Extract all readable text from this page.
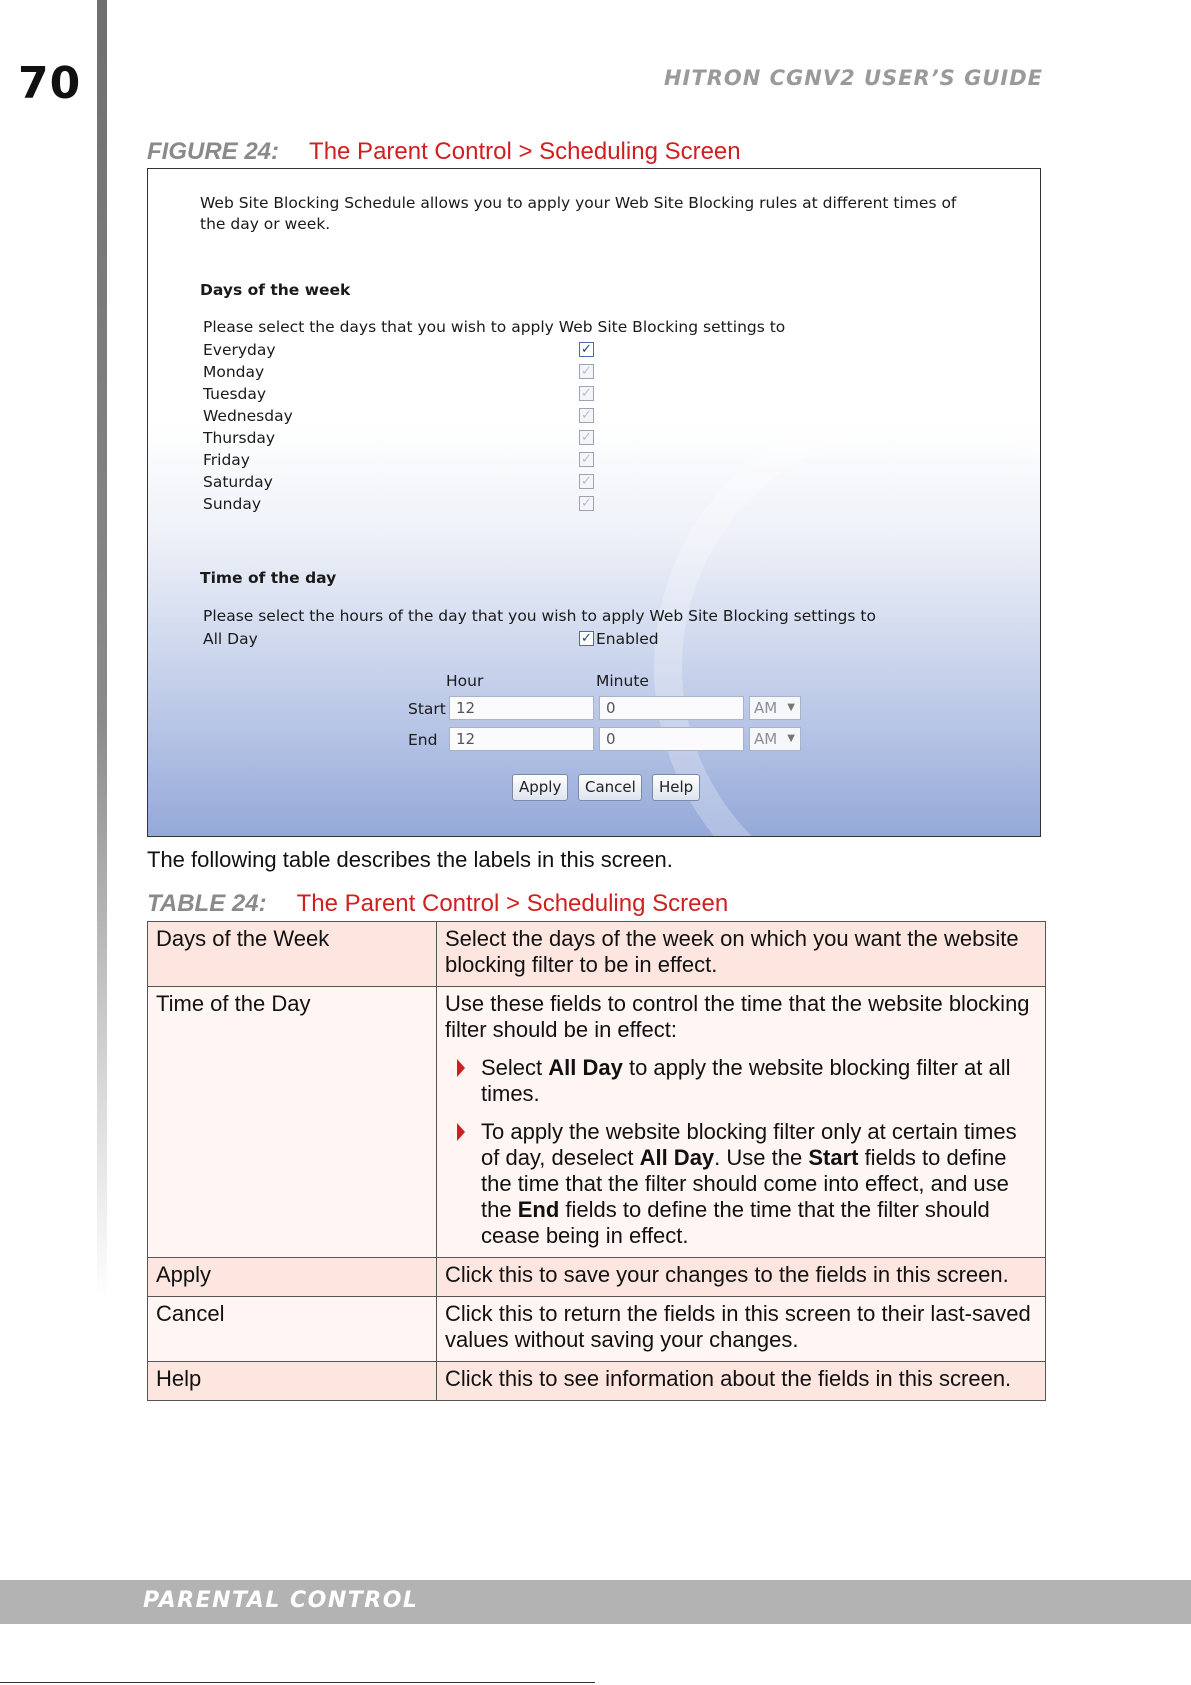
70	HITRON CGNV2 USER’S GUIDE
FIGURE 24: The Parent Control > Scheduling Screen
Web Site Blocking Schedule allows you to apply your Web Site Blocking rules at different times of the day or week.
Days of the week
Please select the days that you wish to apply Web Site Blocking settings to
Everyday	✓
Monday	✓
Tuesday	✓
Wednesday	✓
Thursday	✓
Friday	✓
Saturday	✓
Sunday	✓
Time of the day
Please select the hours of the day that you wish to apply Web Site Blocking settings to
All Day	✓ Enabled
Hour	Minute
Start 12	0	AM ▼
End	12	0	AM ▼
Apply	Cancel	Help
The following table describes the labels in this screen.
TABLE 24: The Parent Control > Scheduling Screen
Days of the Week	Select the days of the week on which you want the website blocking filter to be in effect.
Time of the Day	Use these fields to control the time that the website blocking filter should be in effect:
Select All Day to apply the website blocking filter at all times.
To apply the website blocking filter only at certain times of day, deselect All Day. Use the Start fields to define the time that the filter should come into effect, and use the End fields to define the time that the filter should cease being in effect.

Apply	Click this to save your changes to the fields in this screen.
Cancel	Click this to return the fields in this screen to their last-saved values without saving your changes.
Help	Click this to see information about the fields in this screen.
PARENTAL CONTROL
